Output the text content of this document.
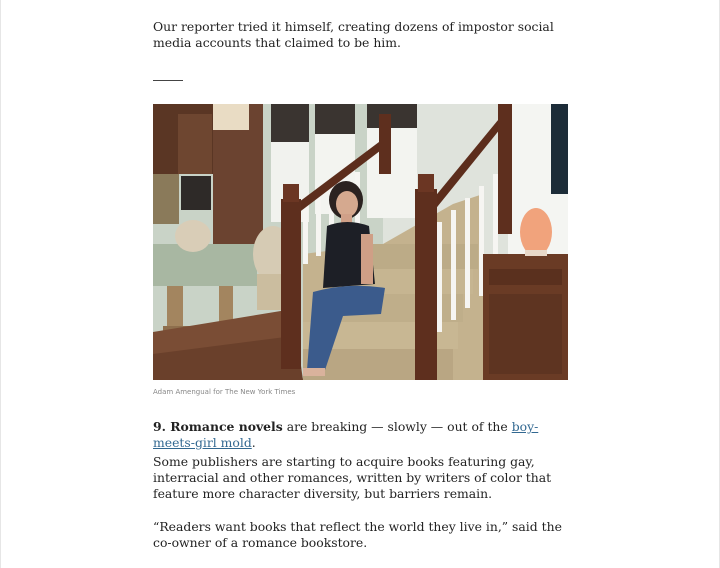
Our reporter tried it himself, creating dozens of impostor social media accounts that claimed to be him.

Adam Amengual for The New York Times

9. Romance novels are breaking — slowly — out of the boy-meets-girl mold.

Some publishers are starting to acquire books featuring gay, interracial and other romances, written by writers of color that feature more character diversity, but barriers remain.

“Readers want books that reflect the world they live in,” said the co-owner of a romance bookstore.
